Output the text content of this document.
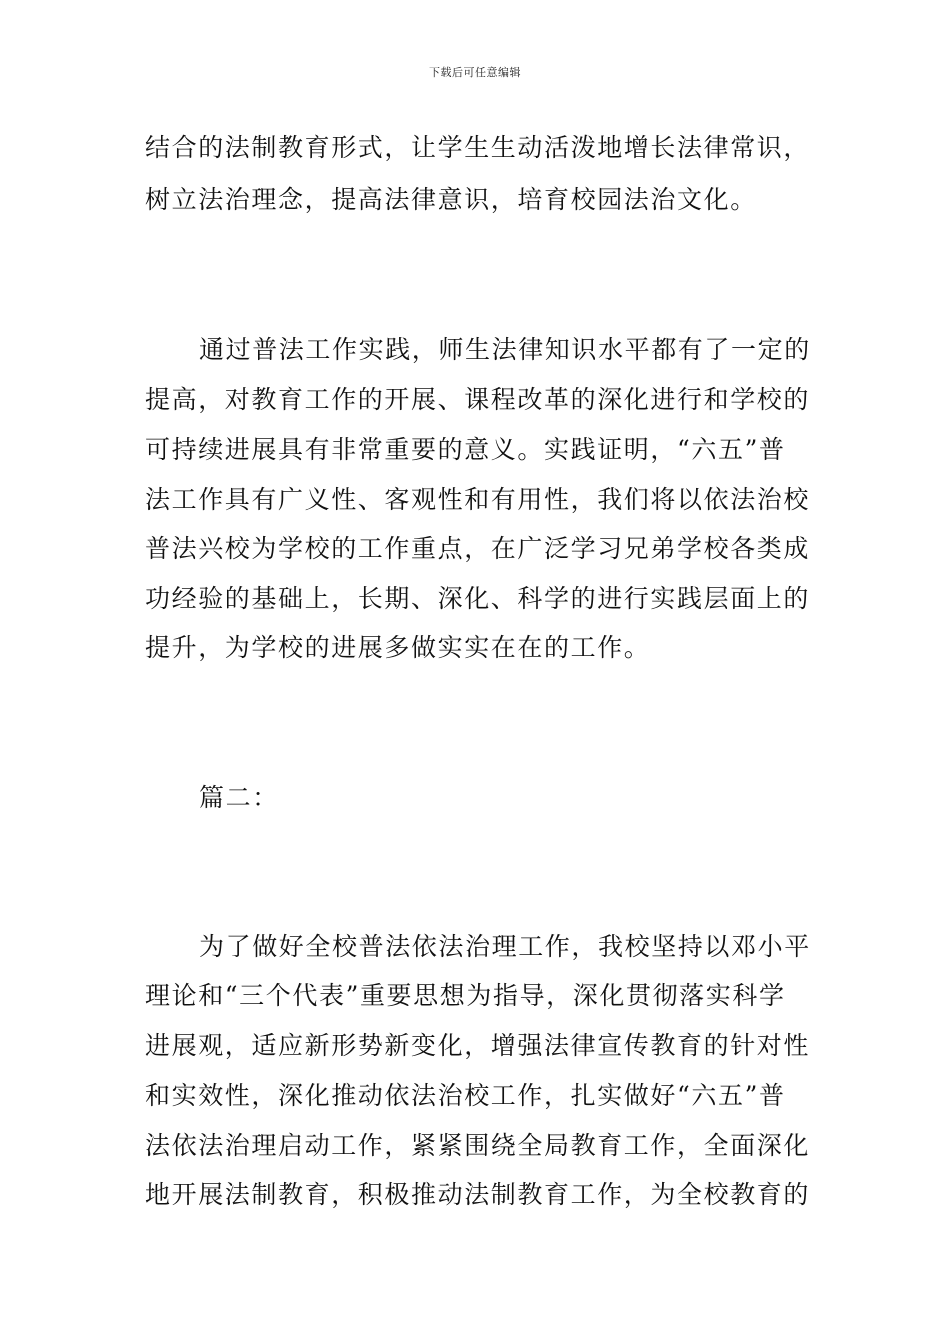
下载后可任意编辑
结合的法制教育形式，让学生生动活泼地增长法律常识，
树立法治理念，提高法律意识，培育校园法治文化。
通过普法工作实践，师生法律知识水平都有了一定的
提高，对教育工作的开展、课程改革的深化进行和学校的
可持续进展具有非常重要的意义。实践证明，“六五”普
法工作具有广义性、客观性和有用性，我们将以依法治校
普法兴校为学校的工作重点，在广泛学习兄弟学校各类成
功经验的基础上，长期、深化、科学的进行实践层面上的
提升，为学校的进展多做实实在在的工作。
篇二：
为了做好全校普法依法治理工作，我校坚持以邓小平
理论和“三个代表”重要思想为指导，深化贯彻落实科学
进展观，适应新形势新变化，增强法律宣传教育的针对性
和实效性，深化推动依法治校工作，扎实做好“六五”普
法依法治理启动工作，紧紧围绕全局教育工作，全面深化
地开展法制教育，积极推动法制教育工作，为全校教育的
